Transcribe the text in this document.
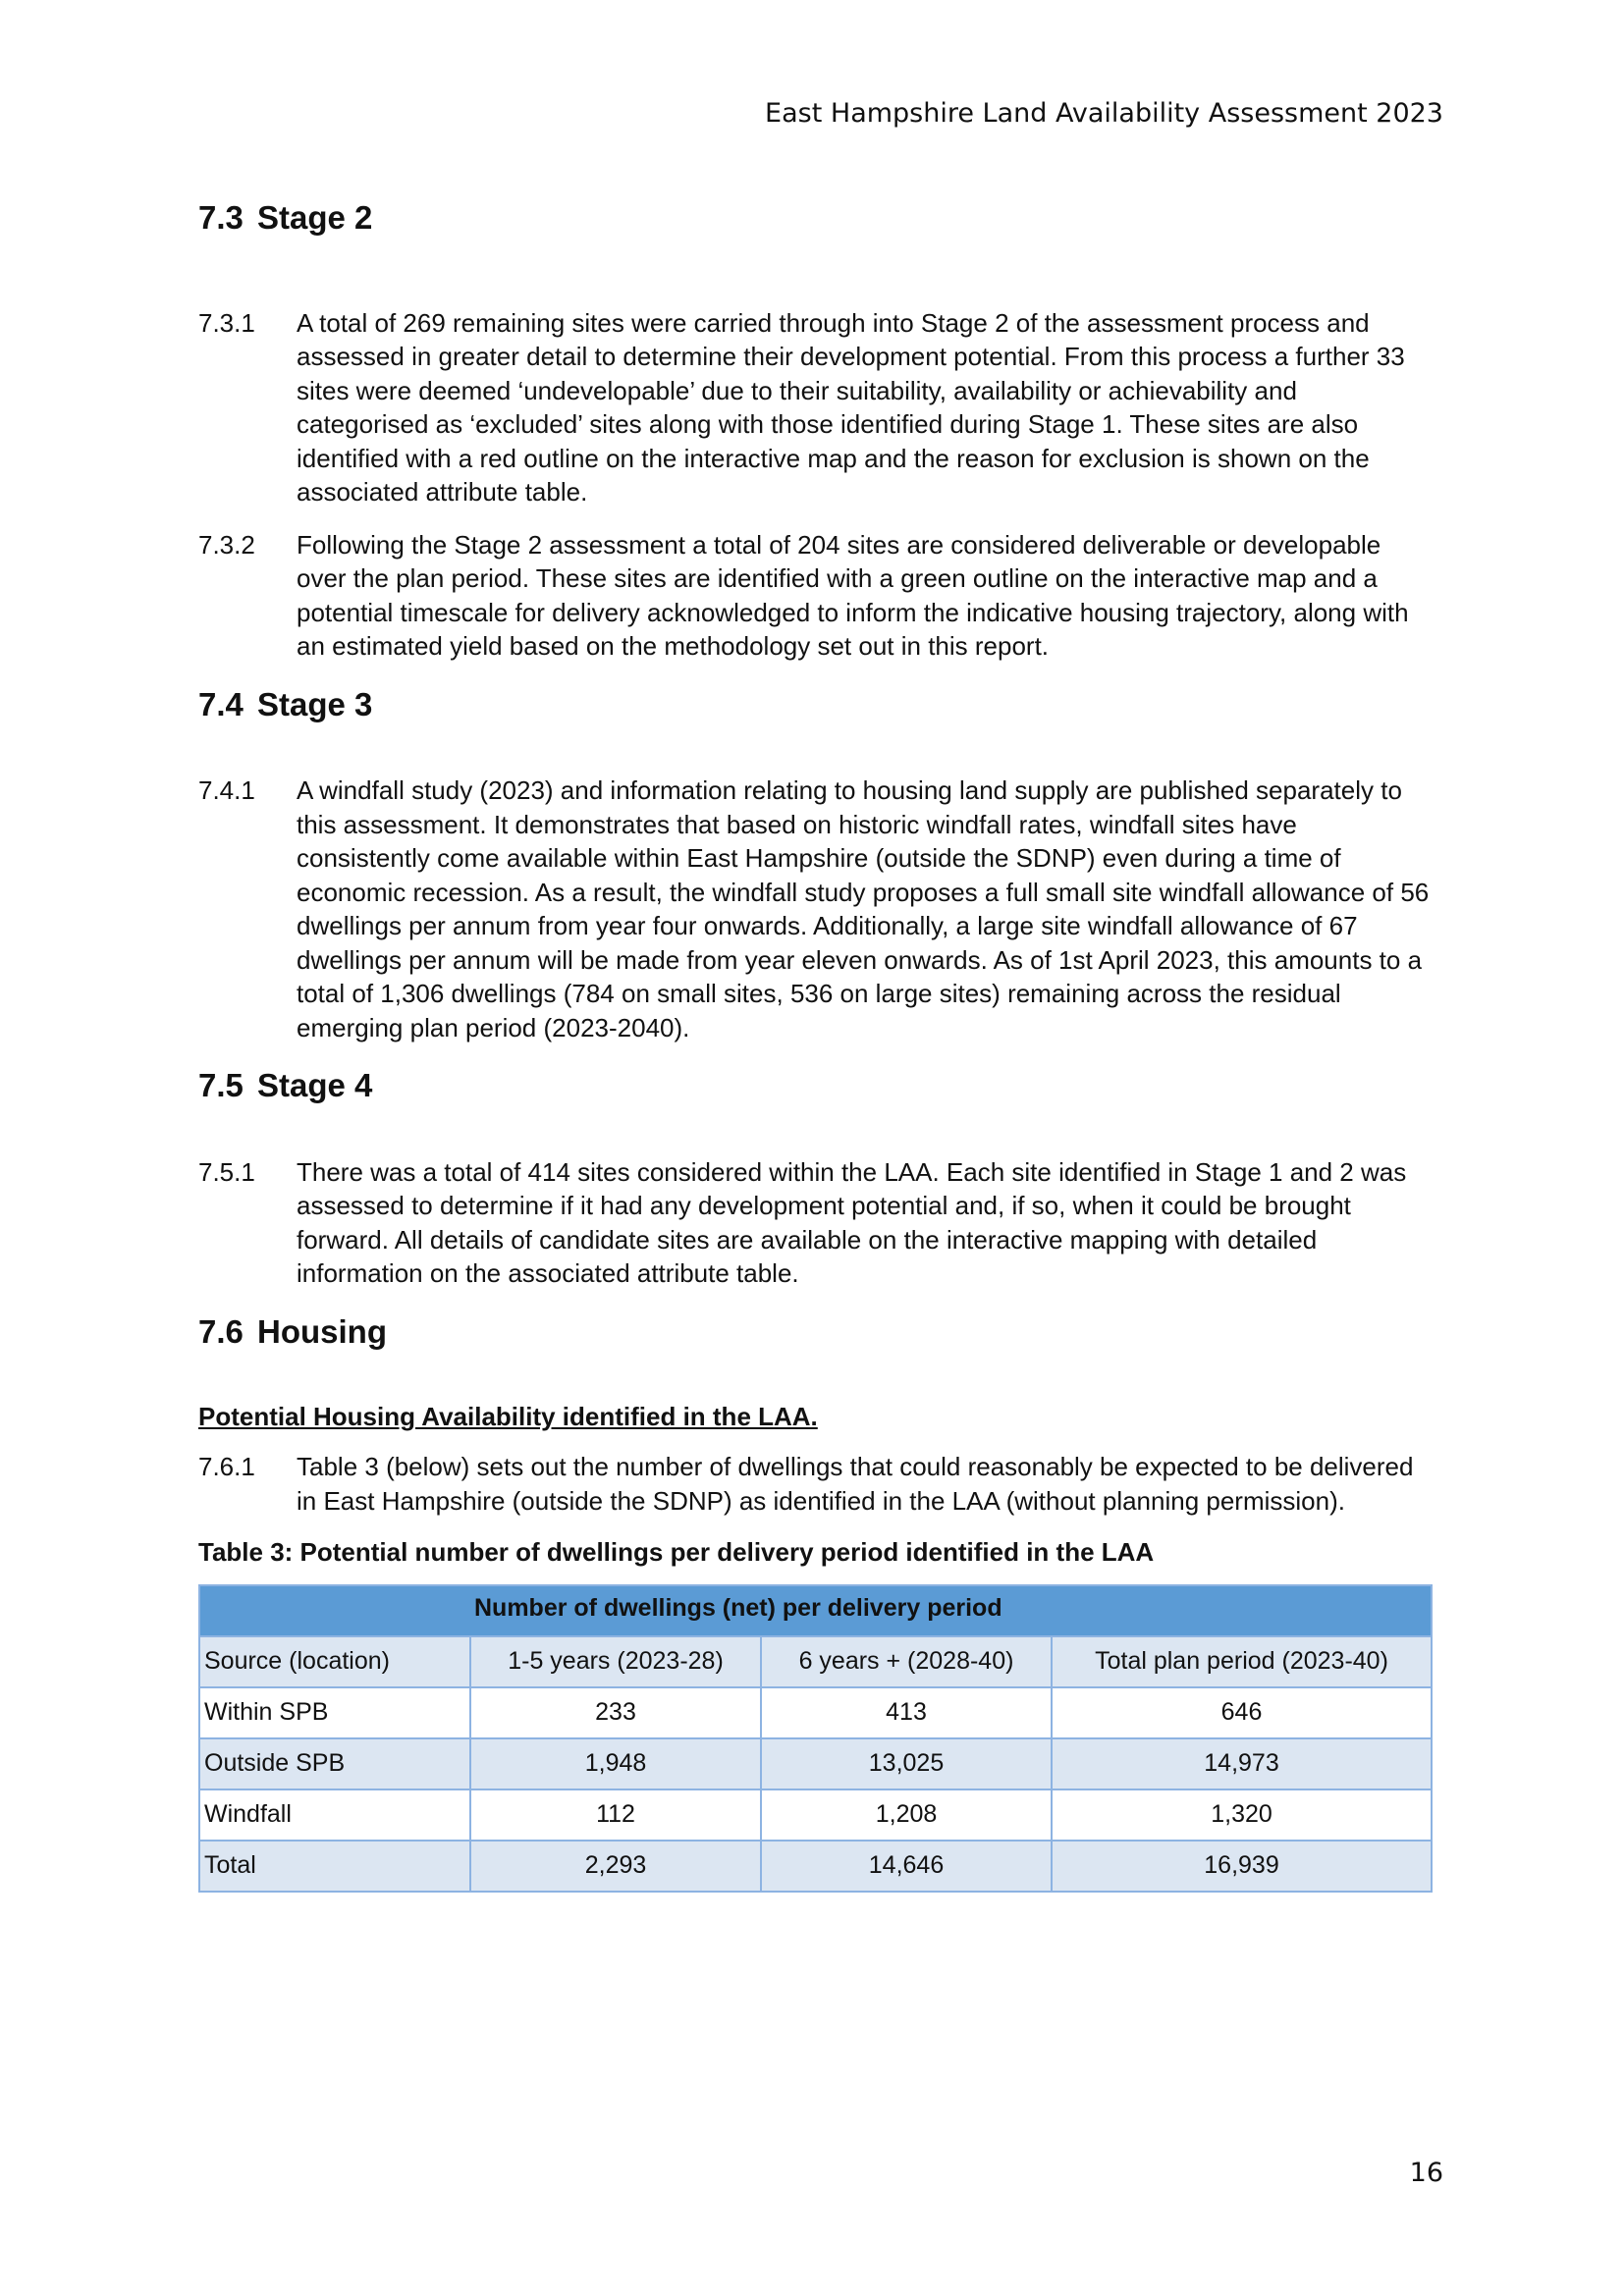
East Hampshire Land Availability Assessment 2023
7.3 Stage 2
7.3.1	A total of 269 remaining sites were carried through into Stage 2 of the assessment process and assessed in greater detail to determine their development potential. From this process a further 33 sites were deemed ‘undevelopable’ due to their suitability, availability or achievability and categorised as ‘excluded’ sites along with those identified during Stage 1. These sites are also identified with a red outline on the interactive map and the reason for exclusion is shown on the associated attribute table.
7.3.2	Following the Stage 2 assessment a total of 204 sites are considered deliverable or developable over the plan period. These sites are identified with a green outline on the interactive map and a potential timescale for delivery acknowledged to inform the indicative housing trajectory, along with an estimated yield based on the methodology set out in this report.
7.4 Stage 3
7.4.1	A windfall study (2023) and information relating to housing land supply are published separately to this assessment. It demonstrates that based on historic windfall rates, windfall sites have consistently come available within East Hampshire (outside the SDNP) even during a time of economic recession. As a result, the windfall study proposes a full small site windfall allowance of 56 dwellings per annum from year four onwards. Additionally, a large site windfall allowance of 67 dwellings per annum will be made from year eleven onwards. As of 1st April 2023, this amounts to a total of 1,306 dwellings (784 on small sites, 536 on large sites) remaining across the residual emerging plan period (2023-2040).
7.5 Stage 4
7.5.1	There was a total of 414 sites considered within the LAA. Each site identified in Stage 1 and 2 was assessed to determine if it had any development potential and, if so, when it could be brought forward. All details of candidate sites are available on the interactive mapping with detailed information on the associated attribute table.
7.6 Housing
Potential Housing Availability identified in the LAA.
7.6.1	Table 3 (below) sets out the number of dwellings that could reasonably be expected to be delivered in East Hampshire (outside the SDNP) as identified in the LAA (without planning permission).
Table 3: Potential number of dwellings per delivery period identified in the LAA
	Number of dwellings (net) per delivery period		
Source (location)	1-5 years (2023-28)	6 years + (2028-40)	Total plan period (2023-40)
Within SPB	233	413	646
Outside SPB	1,948	13,025	14,973
Windfall	112	1,208	1,320
Total	2,293	14,646	16,939
16
